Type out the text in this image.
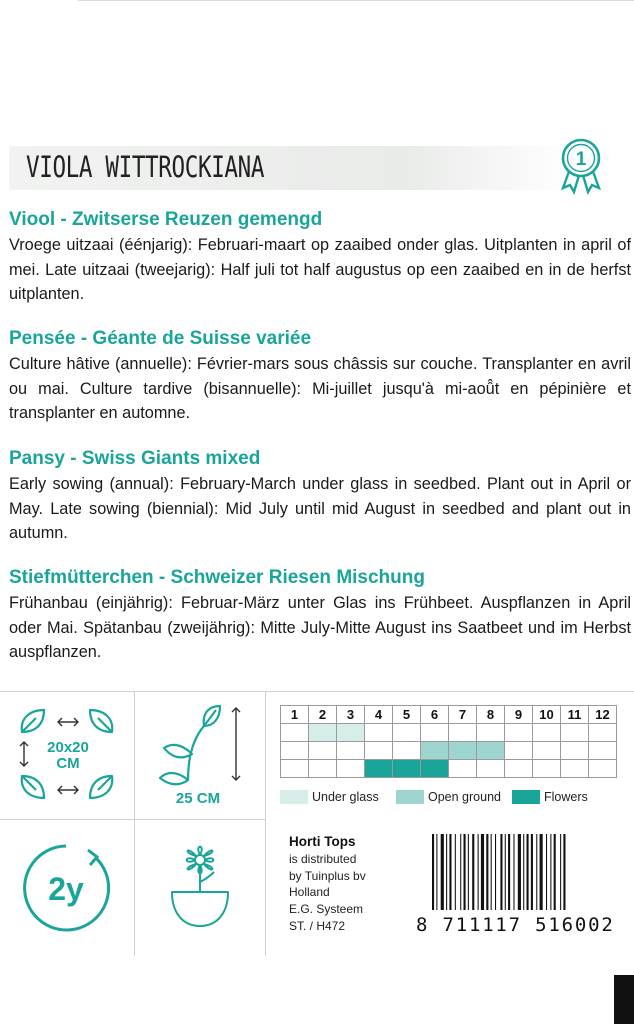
VIOLA WITTROCKIANA	1
Viool - Zwitserse Reuzen gemengd

Vroege uitzaai (éénjarig): Februari-maart op zaaibed onder glas. Uitplanten in april of mei. Late uitzaai (tweejarig): Half juli tot half augustus op een zaaibed en in de herfst uitplanten.

Pensée - Géante de Suisse variée

Culture hâtive (annuelle): Février-mars sous châssis sur couche. Transplanter en avril ou mai. Culture tardive (bisannuelle): Mi-juillet jusqu'à mi-aoû̂t en pépinière et transplanter en automne.

Pansy - Swiss Giants mixed

Early sowing (annual): February-March under glass in seedbed. Plant out in April or May. Late sowing (biennial): Mid July until mid August in seedbed and plant out in autumn.

Stiefmütterchen - Schweizer Riesen Mischung

Frühanbau (einjährig): Februar-März unter Glas ins Frühbeet. Auspflanzen in April oder Mai. Spätanbau (zweijährig): Mitte July-Mitte August ins Saatbeet und im Herbst auspflanzen.

20x20
CM
25 CM
2y
1	2	3	4	5	6	7	8	9	10	11	12

Under glass	Open ground	Flowers
Horti Tops
is distributed
by Tuinplus bv
Holland
E.G. Systeem
ST. / H472	8 711117 516002
